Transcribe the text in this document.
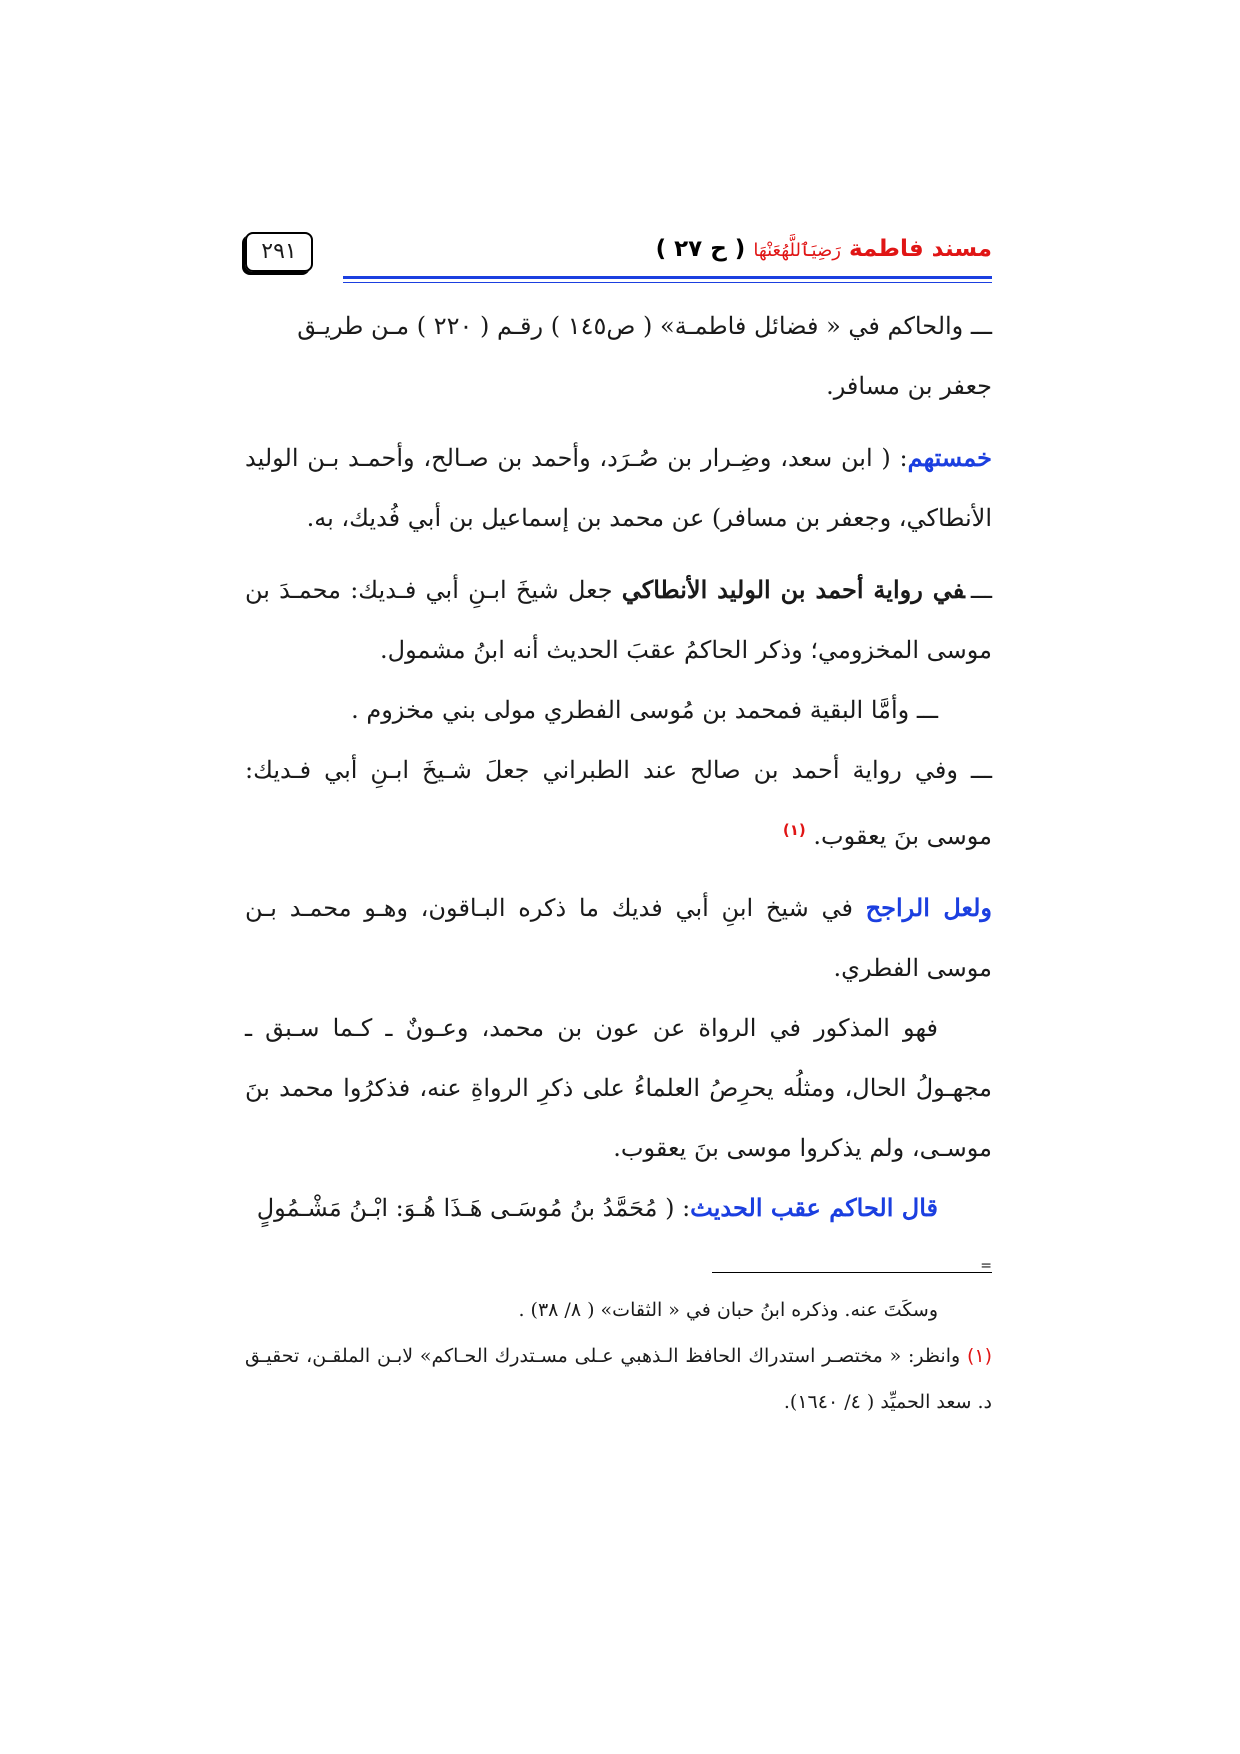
مسند فاطمة رَضِيَٱللَّهُعَنْهَا ( ح ٢٧ )
٢٩١

ـــ والحاكم في « فضائل فاطمـة» ( ص١٤٥ ) رقـم ( ٢٢٠ ) مـن طريـق
جعفر بن مسافر.

خمستهم: ( ابن سعد، وضِـرار بن صُـرَد، وأحمد بن صـالح، وأحمـد بـن الوليد الأنطاكي، وجعفر بن مسافر) عن محمد بن إسماعيل بن أبي فُديك، به.

ـــفي رواية أحمد بن الوليد الأنطاكي جعل شيخَ ابـنِ أبي فـديك: محمـدَ بن موسى المخزومي؛ وذكر الحاكمُ عقبَ الحديث أنه ابنُ مشمول.

ـــ وأمَّا البقية فمحمد بن مُوسى الفطري مولى بني مخزوم .

ـــ وفي رواية أحمد بن صالح عند الطبراني جعلَ شـيخَ ابـنِ أبي فـديك: موسى بنَ يعقوب. $^{(١)}$

ولعل الراجح في شيخ ابنِ أبي فديك ما ذكره البـاقون، وهـو محمـد بـن موسى الفطري.

فهو المذكور في الرواة عن عون بن محمد، وعـونٌ ـ كـما سـبق ـ مجهـولُ الحال، ومثلُه يحرِصُ العلماءُ على ذكرِ الرواةِ عنه، فذكرُوا محمد بنَ موسـى، ولم يذكروا موسى بنَ يعقوب.

قال الحاكم عقب الحديث: ( مُحَمَّدُ بنُ مُوسَـى هَـذَا هُـوَ: ابْـنُ مَشْـمُولٍ

=
وسكَتَ عنه. وذكره ابنُ حبان في « الثقات» ( ٨/ ٣٨) .

(١) وانظر: « مختصـر استدراك الحافظ الـذهبي عـلى مسـتدرك الحـاكم» لابـن الملقـن، تحقيـق د. سعد الحميِّد ( ٤/ ١٦٤٠).
